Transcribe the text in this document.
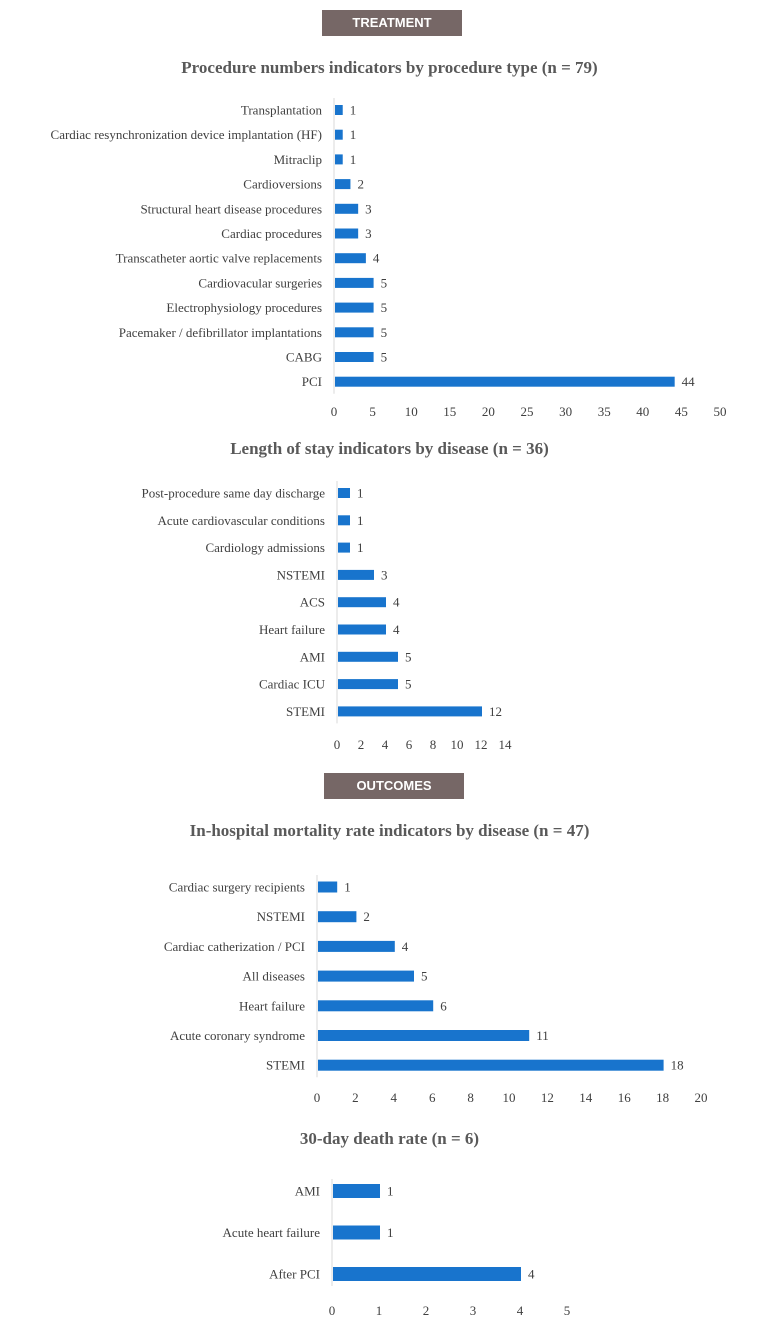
TREATMENT
Procedure numbers indicators by procedure type (n = 79)
Transplantation 1
Cardiac resynchronization device implantation (HF) 1
Mitraclip 1
Cardioversions	2
Structural heart disease procedures	3
Cardiac procedures	3
Transcatheter aortic valve replacements	4
Cardiovacular surgeries	5
Electrophysiology procedures	5
Pacemaker / defibrillator implantations	5
CABG	5
PCI	44
0 5 10 15 20 25 30 35 40 45 50
Length of stay indicators by disease (n = 36)
Post-procedure same day discharge 1
Acute cardiovascular conditions 1
Cardiology admissions 1
NSTEMI	3
ACS	4
Heart failure	4
AMI	5
Cardiac ICU	5
STEMI	12
0 2 4 6 8 10 12 14
OUTCOMES
In-hospital mortality rate indicators by disease (n = 47)
Cardiac surgery recipients	1
NSTEMI	2
Cardiac catherization / PCI	4
All diseases	5
Heart failure	6
Acute coronary syndrome	11
STEMI	18
0 2 4 6 8 10 12 14 16 18 20
30-day death rate (n = 6)
AMI	1
Acute heart failure	1
After PCI	4
0	1	2	3	4	5
